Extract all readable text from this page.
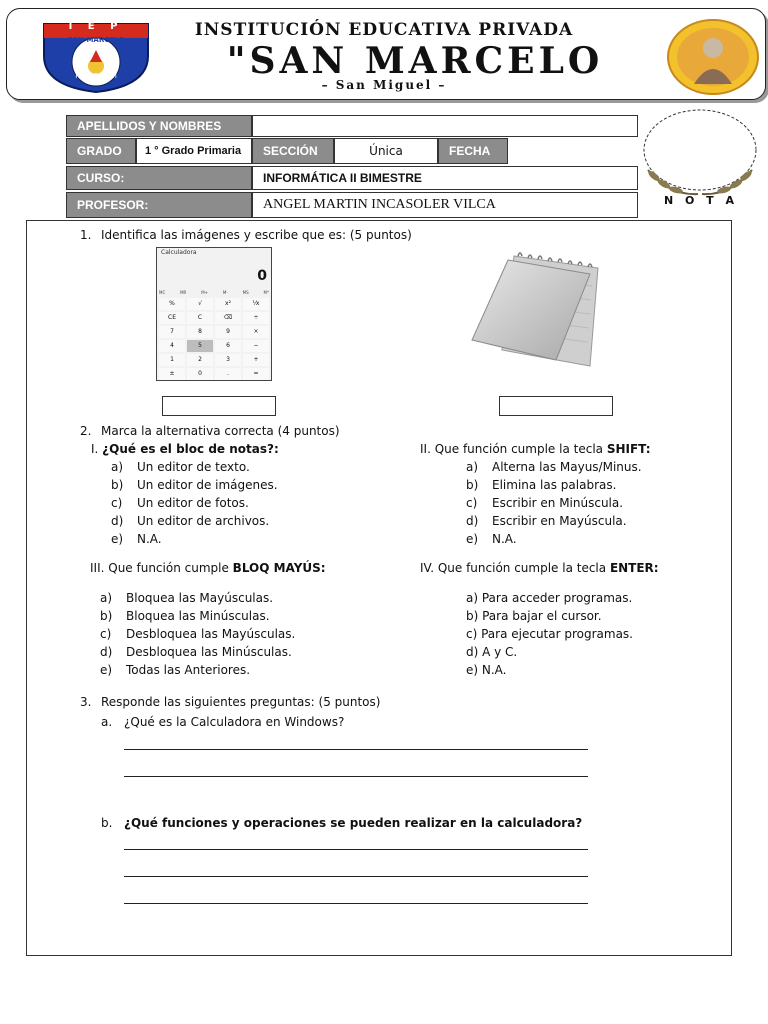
I E P
SAN MARCELO
High School
INSTITUCIÓN EDUCATIVA PRIVADA
"SAN MARCELO
– San Miguel –
APELLIDOS Y NOMBRES
GRADO	1 ° Grado Primaria	SECCIÓN	Única	FECHA
CURSO:	INFORMÁTICA II BIMESTRE
PROFESOR:	ANGEL MARTIN INCASOLER VILCA	N O T A
1. Identifica las imágenes y escribe que es: (5 puntos)
Calculadora
0
MC	MR	M+	M-	MS	M*
%	√	x²	⅟x
CE	C	⌫	÷
7	8	9	×
4	5	6	−
1	2	3	+
±	0	.	=
2. Marca la alternativa correcta (4 puntos)
I. ¿Qué es el bloc de notas?:
a) Un editor de texto.
b) Un editor de imágenes.
c) Un editor de fotos.
d) Un editor de archivos.
e) N.A.
II. Que función cumple la tecla SHIFT:
a) Alterna las Mayus/Minus.
b) Elimina las palabras.
c) Escribir en Minúscula.
d) Escribir en Mayúscula.
e) N.A.
III. Que función cumple BLOQ MAYÚS:
a) Bloquea las Mayúsculas.
b) Bloquea las Minúsculas.
c) Desbloquea las Mayúsculas.
d) Desbloquea las Minúsculas.
e) Todas las Anteriores.
IV. Que función cumple la tecla ENTER:
a) Para acceder programas.
b) Para bajar el cursor.
c) Para ejecutar programas.
d) A y C.
e) N.A.
3. Responde las siguientes preguntas: (5 puntos)
a. ¿Qué es la Calculadora en Windows?
b. ¿Qué funciones y operaciones se pueden realizar en la calculadora?
